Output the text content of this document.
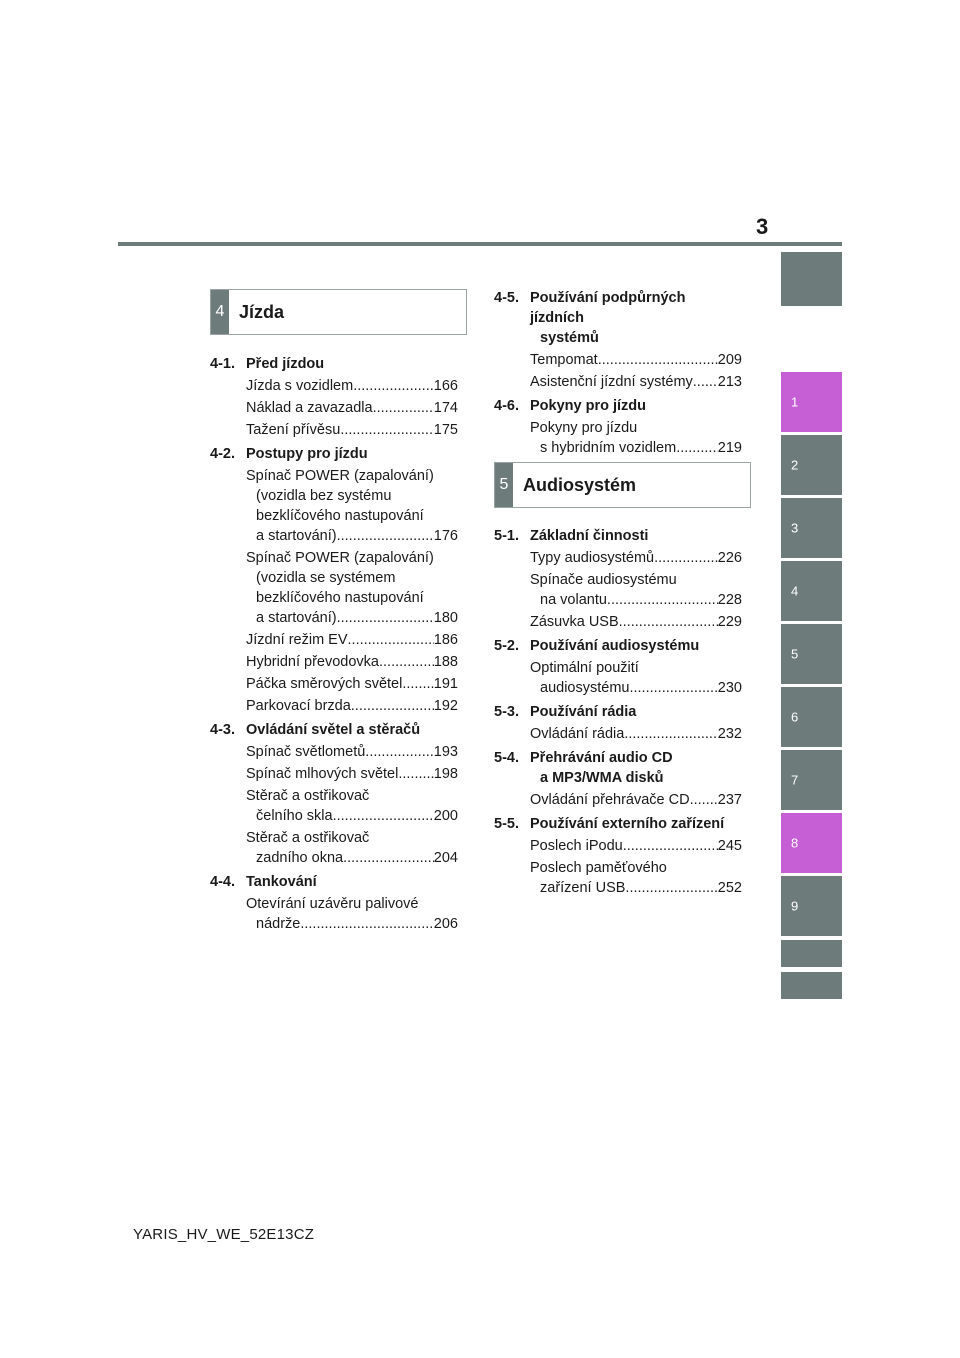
3
1
2
3
4
5
6
7
8
9
4 Jízda
4-1. Před jízdou
Jízda s vozidlem .....	166
Náklad a zavazadla .....	174
Tažení přívěsu .....	175
4-2. Postupy pro jízdu
Spínač POWER (zapalování)
(vozidla bez systému
bezklíčového nastupování
a startování) .....	176
Spínač POWER (zapalování)
(vozidla se systémem
bezklíčového nastupování
a startování) .....	180
Jízdní režim EV .....	186
Hybridní převodovka .....	188
Páčka směrových světel ..... 191
Parkovací brzda .....	192
4-3. Ovládání světel a stěračů
Spínač světlometů .....	193
Spínač mlhových světel ..... 198
Stěrač a ostřikovač
čelního skla .....	200
Stěrač a ostřikovač
zadního okna .....	204
4-4. Tankování
Otevírání uzávěru palivové
nádrže .....	206
4-5. Používání podpůrných jízdních
systémů
Tempomat .....	209
Asistenční jízdní systémy ..... 213
4-6. Pokyny pro jízdu
Pokyny pro jízdu
s hybridním vozidlem .....	219
.....
5 Audiosystém
5-1. Základní činnosti
Typy audiosystémů .....	226
Spínače audiosystému
na volantu .....	228
Zásuvka USB .....	229
5-2. Používání audiosystému
Optimální použití
audiosystému .....	230
5-3. Používání rádia
Ovládání rádia .....	232
5-4. Přehrávání audio CD
a MP3/WMA disků
Ovládání přehrávače CD ..... 237
5-5. Používání externího zařízení
Poslech iPodu .....	245
Poslech paměťového
zařízení USB .....	252
YARIS_HV_WE_52E13CZ
